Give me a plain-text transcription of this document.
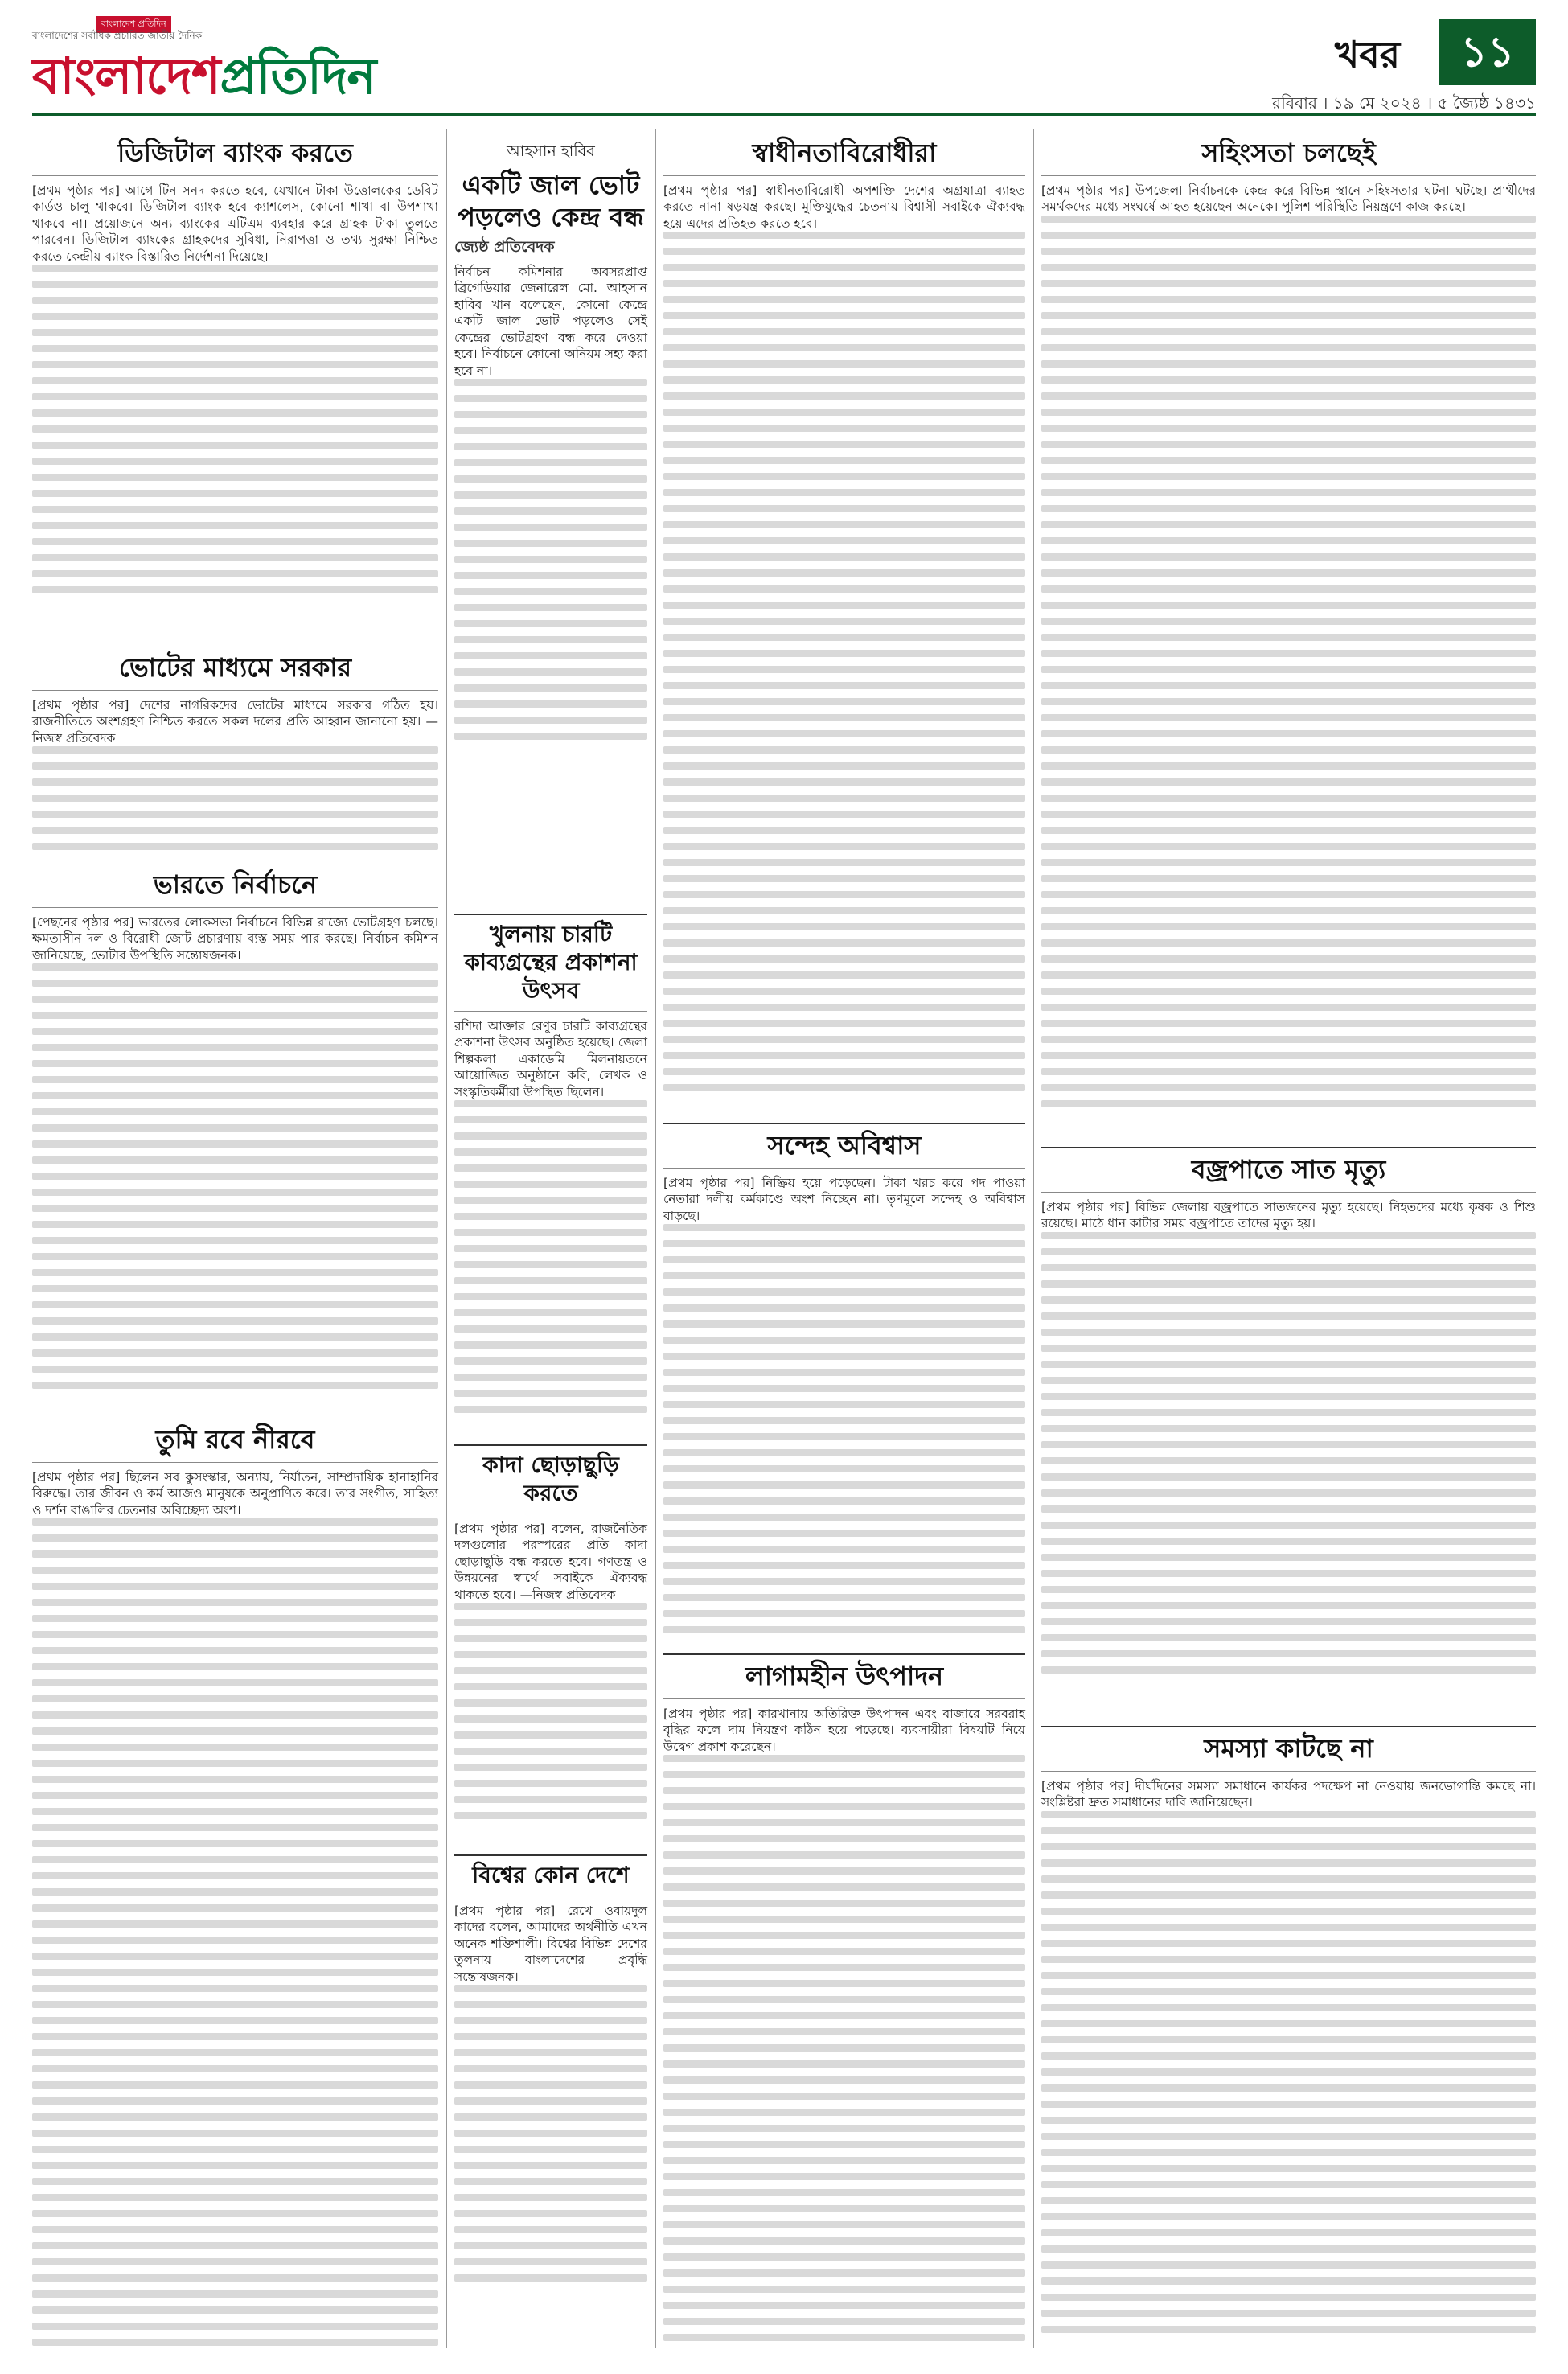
বাংলাদেশ প্রতিদিন
বাংলাদেশের সর্বাধিক প্রচারিত জাতীয় দৈনিক
বাংলাদেশপ্রতিদিন	খবর	১১
রবিবার । ১৯ মে ২০২৪ । ৫ জ্যৈষ্ঠ ১৪৩১
ডিজিটাল ব্যাংক করতে

[প্রথম পৃষ্ঠার পর] আগে টিন সনদ করতে হবে, যেখানে টাকা উত্তোলকের ডেবিট কার্ডও চালু থাকবে। ডিজিটাল ব্যাংক হবে ক্যাশলেস, কোনো শাখা বা উপশাখা থাকবে না। প্রয়োজনে অন্য ব্যাংকের এটিএম ব্যবহার করে গ্রাহক টাকা তুলতে পারবেন। ডিজিটাল ব্যাংকের গ্রাহকদের সুবিধা, নিরাপত্তা ও তথ্য সুরক্ষা নিশ্চিত করতে কেন্দ্রীয় ব্যাংক বিস্তারিত নির্দেশনা দিয়েছে।

ভোটের মাধ্যমে সরকার

[প্রথম পৃষ্ঠার পর] দেশের নাগরিকদের ভোটের মাধ্যমে সরকার গঠিত হয়। রাজনীতিতে অংশগ্রহণ নিশ্চিত করতে সকল দলের প্রতি আহ্বান জানানো হয়। —নিজস্ব প্রতিবেদক

ভারতে নির্বাচনে

[পেছনের পৃষ্ঠার পর] ভারতের লোকসভা নির্বাচনে বিভিন্ন রাজ্যে ভোটগ্রহণ চলছে। ক্ষমতাসীন দল ও বিরোধী জোট প্রচারণায় ব্যস্ত সময় পার করছে। নির্বাচন কমিশন জানিয়েছে, ভোটার উপস্থিতি সন্তোষজনক।

তুমি রবে নীরবে

[প্রথম পৃষ্ঠার পর] ছিলেন সব কুসংস্কার, অন্যায়, নির্যাতন, সাম্প্রদায়িক হানাহানির বিরুদ্ধে। তার জীবন ও কর্ম আজও মানুষকে অনুপ্রাণিত করে। তার সংগীত, সাহিত্য ও দর্শন বাঙালির চেতনার অবিচ্ছেদ্য অংশ।

আহসান হাবিব
একটি জাল ভোট পড়লেও কেন্দ্র বন্ধ
জ্যেষ্ঠ প্রতিবেদক

নির্বাচন কমিশনার অবসরপ্রাপ্ত ব্রিগেডিয়ার জেনারেল মো. আহসান হাবিব খান বলেছেন, কোনো কেন্দ্রে একটি জাল ভোট পড়লেও সেই কেন্দ্রের ভোটগ্রহণ বন্ধ করে দেওয়া হবে। নির্বাচনে কোনো অনিয়ম সহ্য করা হবে না।

খুলনায় চারটি কাব্যগ্রন্থের প্রকাশনা উৎসব

রশিদা আক্তার রেণুর চারটি কাব্যগ্রন্থের প্রকাশনা উৎসব অনুষ্ঠিত হয়েছে। জেলা শিল্পকলা একাডেমি মিলনায়তনে আয়োজিত অনুষ্ঠানে কবি, লেখক ও সংস্কৃতিকর্মীরা উপস্থিত ছিলেন।

কাদা ছোড়াছুড়ি করতে

[প্রথম পৃষ্ঠার পর] বলেন, রাজনৈতিক দলগুলোর পরস্পরের প্রতি কাদা ছোড়াছুড়ি বন্ধ করতে হবে। গণতন্ত্র ও উন্নয়নের স্বার্থে সবাইকে ঐক্যবদ্ধ থাকতে হবে। —নিজস্ব প্রতিবেদক

বিশ্বের কোন দেশে

[প্রথম পৃষ্ঠার পর] রেখে ওবায়দুল কাদের বলেন, আমাদের অর্থনীতি এখন অনেক শক্তিশালী। বিশ্বের বিভিন্ন দেশের তুলনায় বাংলাদেশের প্রবৃদ্ধি সন্তোষজনক।

স্বাধীনতাবিরোধীরা

[প্রথম পৃষ্ঠার পর] স্বাধীনতাবিরোধী অপশক্তি দেশের অগ্রযাত্রা ব্যাহত করতে নানা ষড়যন্ত্র করছে। মুক্তিযুদ্ধের চেতনায় বিশ্বাসী সবাইকে ঐক্যবদ্ধ হয়ে এদের প্রতিহত করতে হবে।

সন্দেহ অবিশ্বাস

[প্রথম পৃষ্ঠার পর] নিষ্ক্রিয় হয়ে পড়েছেন। টাকা খরচ করে পদ পাওয়া নেতারা দলীয় কর্মকাণ্ডে অংশ নিচ্ছেন না। তৃণমূলে সন্দেহ ও অবিশ্বাস বাড়ছে।

লাগামহীন উৎপাদন

[প্রথম পৃষ্ঠার পর] কারখানায় অতিরিক্ত উৎপাদন এবং বাজারে সরবরাহ বৃদ্ধির ফলে দাম নিয়ন্ত্রণ কঠিন হয়ে পড়েছে। ব্যবসায়ীরা বিষয়টি নিয়ে উদ্বেগ প্রকাশ করেছেন।

সহিংসতা চলছেই

[প্রথম পৃষ্ঠার পর] উপজেলা নির্বাচনকে কেন্দ্র করে বিভিন্ন স্থানে সহিংসতার ঘটনা ঘটছে। প্রার্থীদের সমর্থকদের মধ্যে সংঘর্ষে আহত হয়েছেন অনেকে। পুলিশ পরিস্থিতি নিয়ন্ত্রণে কাজ করছে।

বজ্রপাতে সাত মৃত্যু

[প্রথম পৃষ্ঠার পর] বিভিন্ন জেলায় বজ্রপাতে সাতজনের মৃত্যু হয়েছে। নিহতদের মধ্যে কৃষক ও শিশু রয়েছে। মাঠে ধান কাটার সময় বজ্রপাতে তাদের মৃত্যু হয়।

সমস্যা কাটছে না

[প্রথম পৃষ্ঠার পর] দীর্ঘদিনের সমস্যা সমাধানে কার্যকর পদক্ষেপ না নেওয়ায় জনভোগান্তি কমছে না। সংশ্লিষ্টরা দ্রুত সমাধানের দাবি জানিয়েছেন।
